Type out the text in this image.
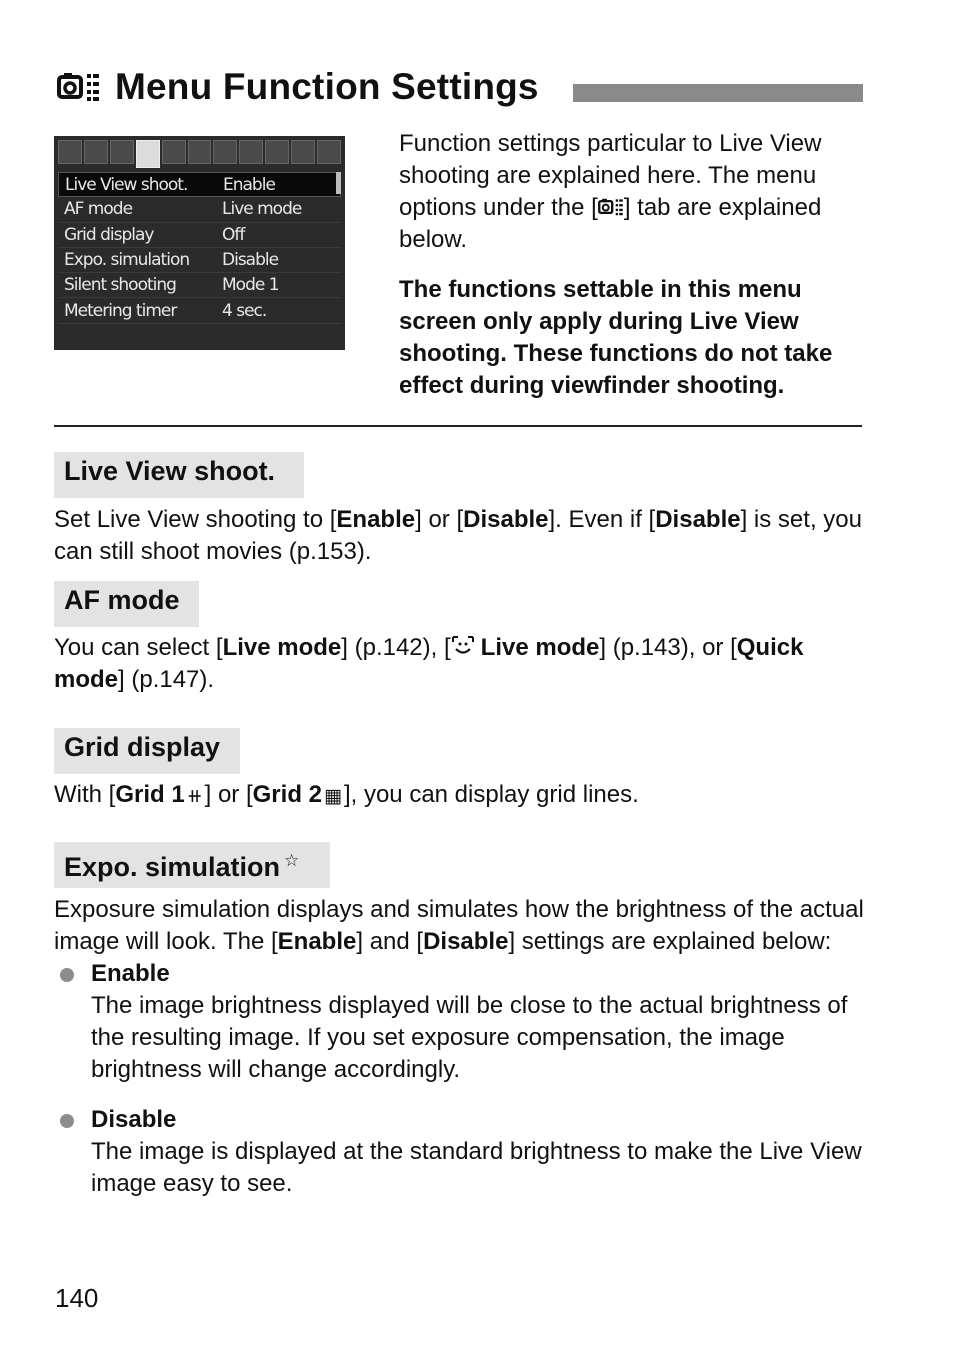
Menu Function Settings
Live View shoot.	Enable
AF mode	Live mode
Grid display	Off
Expo. simulation	Disable
Silent shooting	Mode 1
Metering timer	4 sec.

Function settings particular to Live View shooting are explained here. The menu options under the [ ] tab are explained below.

The functions settable in this menu screen only apply during Live View shooting. These functions do not take effect during viewfinder shooting.

Live View shoot.

Set Live View shooting to [Enable] or [Disable]. Even if [Disable] is set, you can still shoot movies (p.153).

AF mode

You can select [Live mode] (p.142), [ Live mode] (p.143), or [Quick mode] (p.147).

Grid display

With [Grid 1 ⧺] or [Grid 2 ▦], you can display grid lines.

Expo. simulation ☆

Exposure simulation displays and simulates how the brightness of the actual image will look. The [Enable] and [Disable] settings are explained below:

Enable

The image brightness displayed will be close to the actual brightness of the resulting image. If you set exposure compensation, the image brightness will change accordingly.

Disable

The image is displayed at the standard brightness to make the Live View image easy to see.

140
